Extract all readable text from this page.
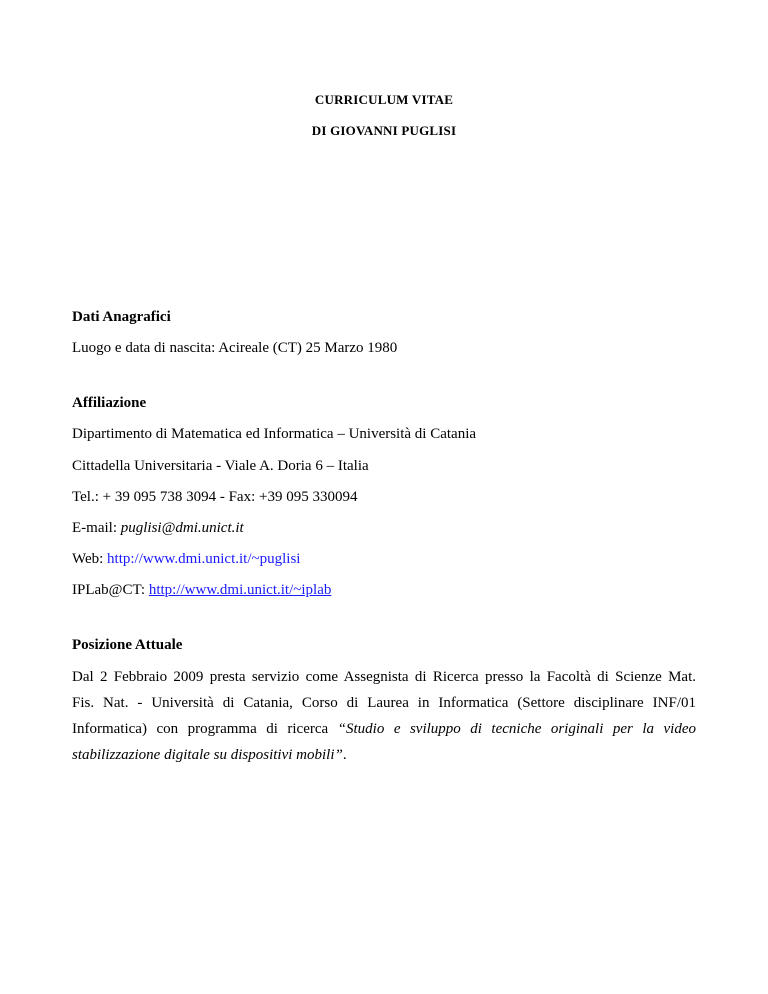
CURRICULUM VITAE
DI GIOVANNI PUGLISI
Dati Anagrafici
Luogo e data di nascita: Acireale (CT) 25 Marzo 1980
Affiliazione
Dipartimento di Matematica ed Informatica – Università di Catania
Cittadella Universitaria - Viale A. Doria 6 – Italia
Tel.: + 39 095 738 3094 - Fax: +39 095 330094
E-mail: puglisi@dmi.unict.it
Web: http://www.dmi.unict.it/~puglisi
IPLab@CT: http://www.dmi.unict.it/~iplab
Posizione Attuale
Dal 2 Febbraio 2009 presta servizio come Assegnista di Ricerca presso la Facoltà di Scienze Mat.
Fis. Nat. - Università di Catania, Corso di Laurea in Informatica (Settore disciplinare INF/01
Informatica) con programma di ricerca “Studio e sviluppo di tecniche originali per la video
stabilizzazione digitale su dispositivi mobili”.
